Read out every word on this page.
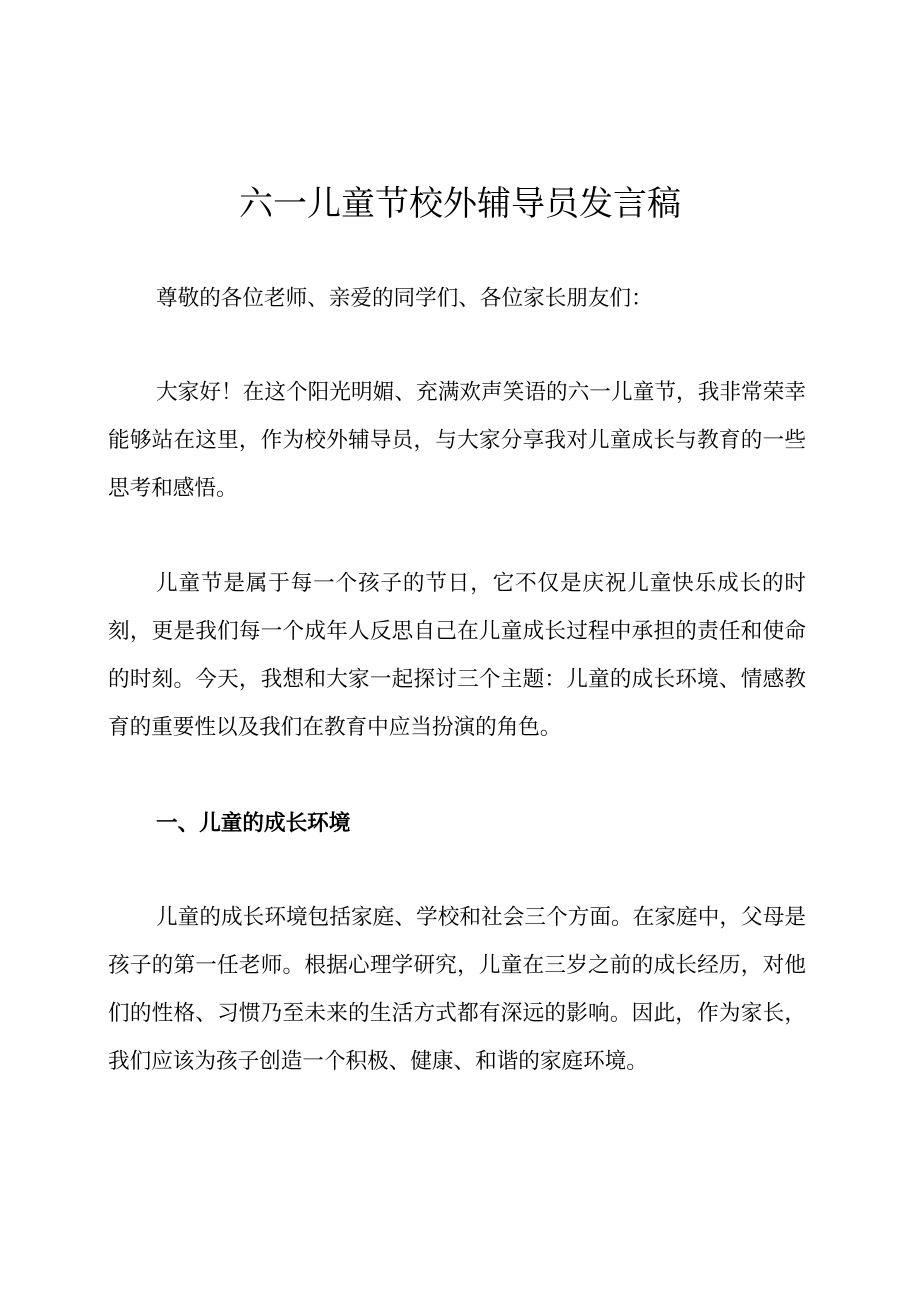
六一儿童节校外辅导员发言稿

尊敬的各位老师、亲爱的同学们、各位家长朋友们：

大家好！在这个阳光明媚、充满欢声笑语的六一儿童节，我非常荣幸能够站在这里，作为校外辅导员，与大家分享我对儿童成长与教育的一些思考和感悟。

儿童节是属于每一个孩子的节日，它不仅是庆祝儿童快乐成长的时刻，更是我们每一个成年人反思自己在儿童成长过程中承担的责任和使命的时刻。今天，我想和大家一起探讨三个主题：儿童的成长环境、情感教育的重要性以及我们在教育中应当扮演的角色。

一、儿童的成长环境

儿童的成长环境包括家庭、学校和社会三个方面。在家庭中，父母是孩子的第一任老师。根据心理学研究，儿童在三岁之前的成长经历，对他们的性格、习惯乃至未来的生活方式都有深远的影响。因此，作为家长，我们应该为孩子创造一个积极、健康、和谐的家庭环境。
